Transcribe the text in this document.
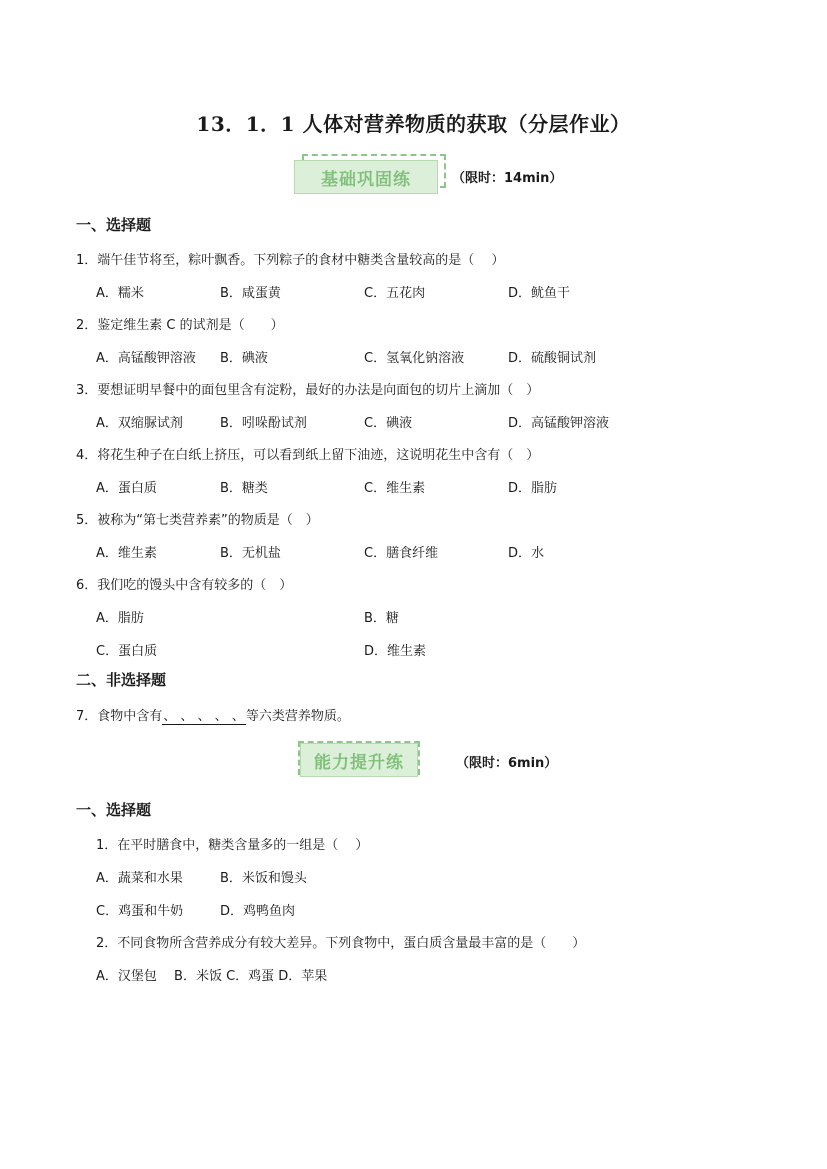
13．1．1 人体对营养物质的获取（分层作业）
基础巩固练	（限时：14min）
一、选择题
1．端午佳节将至，粽叶飘香。下列粽子的食材中糖类含量较高的是（　 ）
A．糯米	B．咸蛋黄	C．五花肉	D．鱿鱼干
2．鉴定维生素 C 的试剂是（　　）
A．高锰酸钾溶液 B．碘液	C．氢氧化钠溶液	D．硫酸铜试剂
3．要想证明早餐中的面包里含有淀粉，最好的办法是向面包的切片上滴加（　）
A．双缩脲试剂	B．吲哚酚试剂	C．碘液	D．高锰酸钾溶液
4．将花生种子在白纸上挤压，可以看到纸上留下油迹，这说明花生中含有（　）
A．蛋白质	B．糖类	C．维生素	D．脂肪
5．被称为“第七类营养素”的物质是（　）
A．维生素	B．无机盐	C．膳食纤维	D．水
6．我们吃的馒头中含有较多的（　）
A．脂肪	B．糖
C．蛋白质	D．维生素
二、非选择题
7．食物中含有、 、 、 、 、等六类营养物质。
能力提升练	（限时：6min）
一、选择题
1．在平时膳食中，糖类含量多的一组是（　 ）
A．蔬菜和水果	B．米饭和馒头
C．鸡蛋和牛奶	D．鸡鸭鱼肉
2．不同食物所含营养成分有较大差异。下列食物中，蛋白质含量最丰富的是（　　）
A．汉堡包　 B．米饭 C．鸡蛋 D．苹果
